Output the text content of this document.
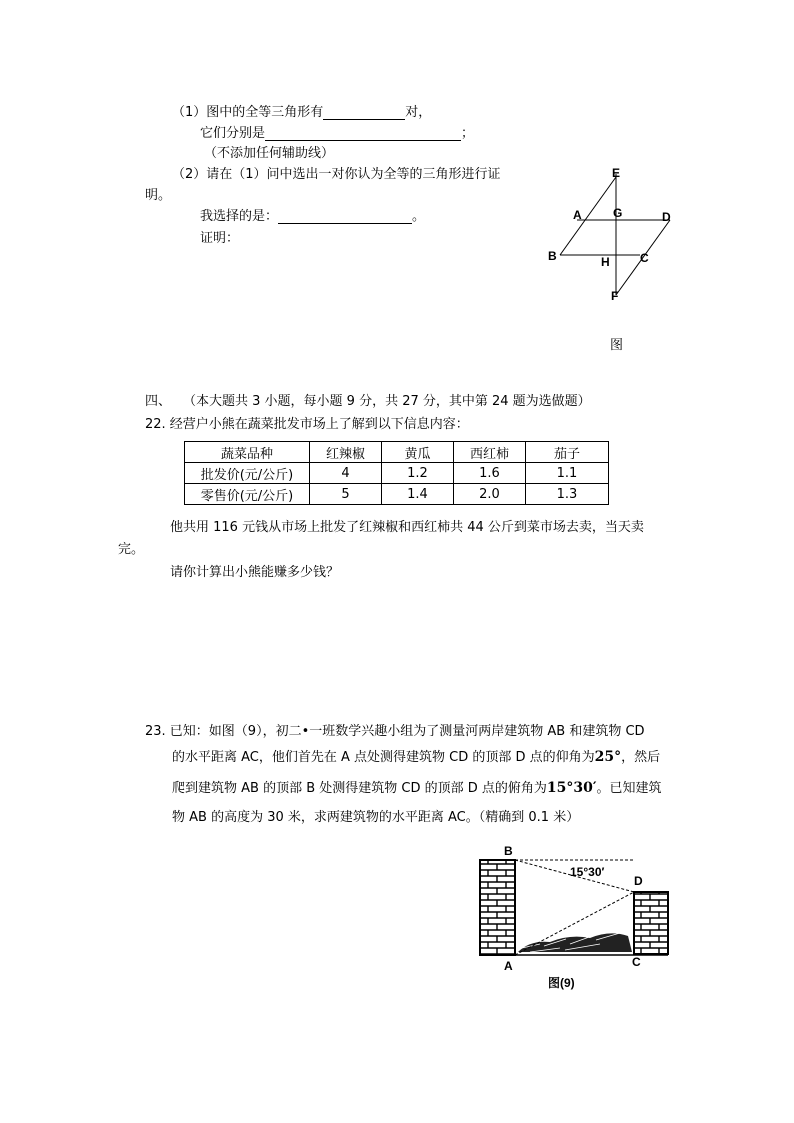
（1）图中的全等三角形有	对，
它们分别是	；
（不添加任何辅助线）
（2）请在（1）问中选出一对你认为全等的三角形进行证
明。
我选择的是：	。
证明：
E
A	G	D
B	H	C
F
图
四、 （本大题共 3 小题，每小题 9 分，共 27 分，其中第 24 题为选做题）
22. 经营户小熊在蔬菜批发市场上了解到以下信息内容：
蔬菜品种	红辣椒	黄瓜	西红柿	茄子
批发价(元/公斤)	4	1.2	1.6	1.1
零售价(元/公斤)	5	1.4	2.0	1.3
他共用 116 元钱从市场上批发了红辣椒和西红柿共 44 公斤到菜市场去卖，当天卖
完。
请你计算出小熊能赚多少钱？
23. 已知：如图（9），初二•一班数学兴趣小组为了测量河两岸建筑物 AB 和建筑物 CD
的水平距离 AC，他们首先在 A 点处测得建筑物 CD 的顶部 D 点的仰角为25°，然后
爬到建筑物 AB 的顶部 B 处测得建筑物 CD 的顶部 D 点的俯角为15°30′。已知建筑
物 AB 的高度为 30 米，求两建筑物的水平距离 AC。（精确到 0.1 米）
B
15°30′
D
A	C
图(9)
